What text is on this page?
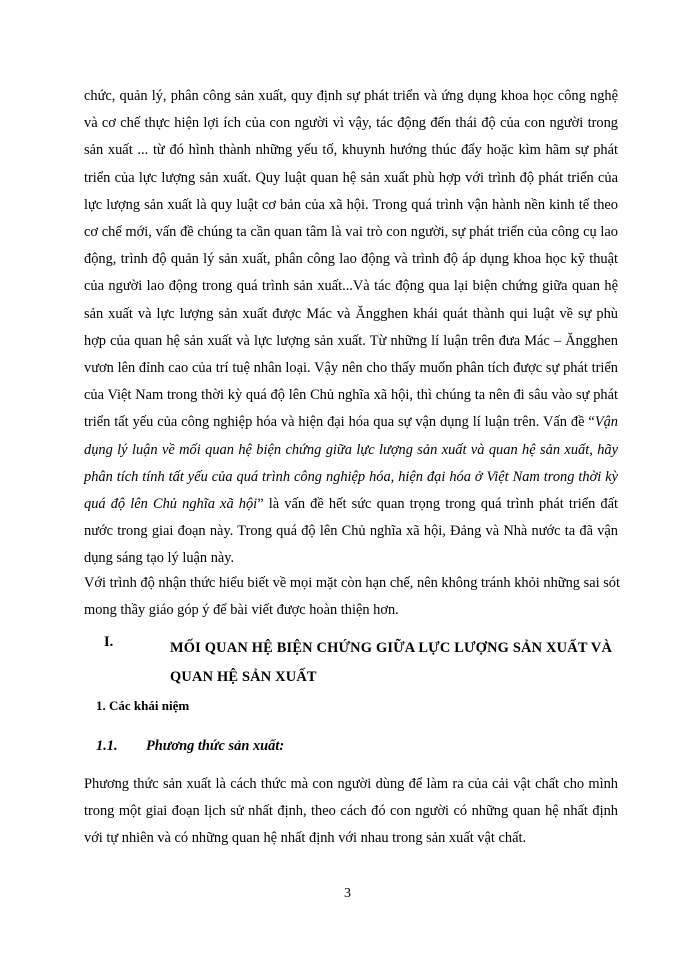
chức, quản lý, phân công sản xuất, quy định sự phát triển và ứng dụng khoa học công nghệ và cơ chế thực hiện lợi ích của con người vì vậy, tác động đến thái độ của con người trong sản xuất ... từ đó hình thành những yếu tố, khuynh hướng thúc đẩy hoặc kìm hãm sự phát triển của lực lượng sản xuất. Quy luật quan hệ sản xuất phù hợp với trình độ phát triển của lực lượng sản xuất là quy luật cơ bản của xã hội. Trong quá trình vận hành nền kinh tế theo cơ chế mới, vấn đề chúng ta cần quan tâm là vai trò con người, sự phát triển của công cụ lao động, trình độ quản lý sản xuất, phân công lao động và trình độ áp dụng khoa học kỹ thuật của người lao động trong quá trình sản xuất...Và tác động qua lại biện chứng giữa quan hệ sản xuất và lực lượng sản xuất được Mác và Ăngghen khái quát thành qui luật về sự phù hợp của quan hệ sản xuất và lực lượng sản xuất. Từ những lí luận trên đưa Mác – Ăngghen vươn lên đỉnh cao của trí tuệ nhân loại. Vậy nên cho thấy muốn phân tích được sự phát triển của Việt Nam trong thời kỳ quá độ lên Chủ nghĩa xã hội, thì chúng ta nên đi sâu vào sự phát triển tất yếu của công nghiệp hóa và hiện đại hóa qua sự vận dụng lí luận trên. Vấn đề “Vận dụng lý luận về mối quan hệ biện chứng giữa lực lượng sản xuất và quan hệ sản xuất, hãy phân tích tính tất yếu của quá trình công nghiệp hóa, hiện đại hóa ở Việt Nam trong thời kỳ quá độ lên Chủ nghĩa xã hội” là vấn đề hết sức quan trọng trong quá trình phát triển đất nước trong giai đoạn này. Trong quá độ lên Chủ nghĩa xã hội, Đảng và Nhà nước ta đã vận dụng sáng tạo lý luận này.

Với trình độ nhận thức hiểu biết về mọi mặt còn hạn chế, nên không tránh khỏi những sai sót mong thầy giáo góp ý để bài viết được hoàn thiện hơn.

I.	MỐI QUAN HỆ BIỆN CHỨNG GIỮA LỰC LƯỢNG SẢN XUẤT VÀ QUAN HỆ SẢN XUẤT
1. Các khái niệm
1.1. Phương thức sản xuất:

Phương thức sản xuất là cách thức mà con người dùng để làm ra của cải vật chất cho mình trong một giai đoạn lịch sử nhất định, theo cách đó con người có những quan hệ nhất định với tự nhiên và có những quan hệ nhất định với nhau trong sản xuất vật chất.

3
